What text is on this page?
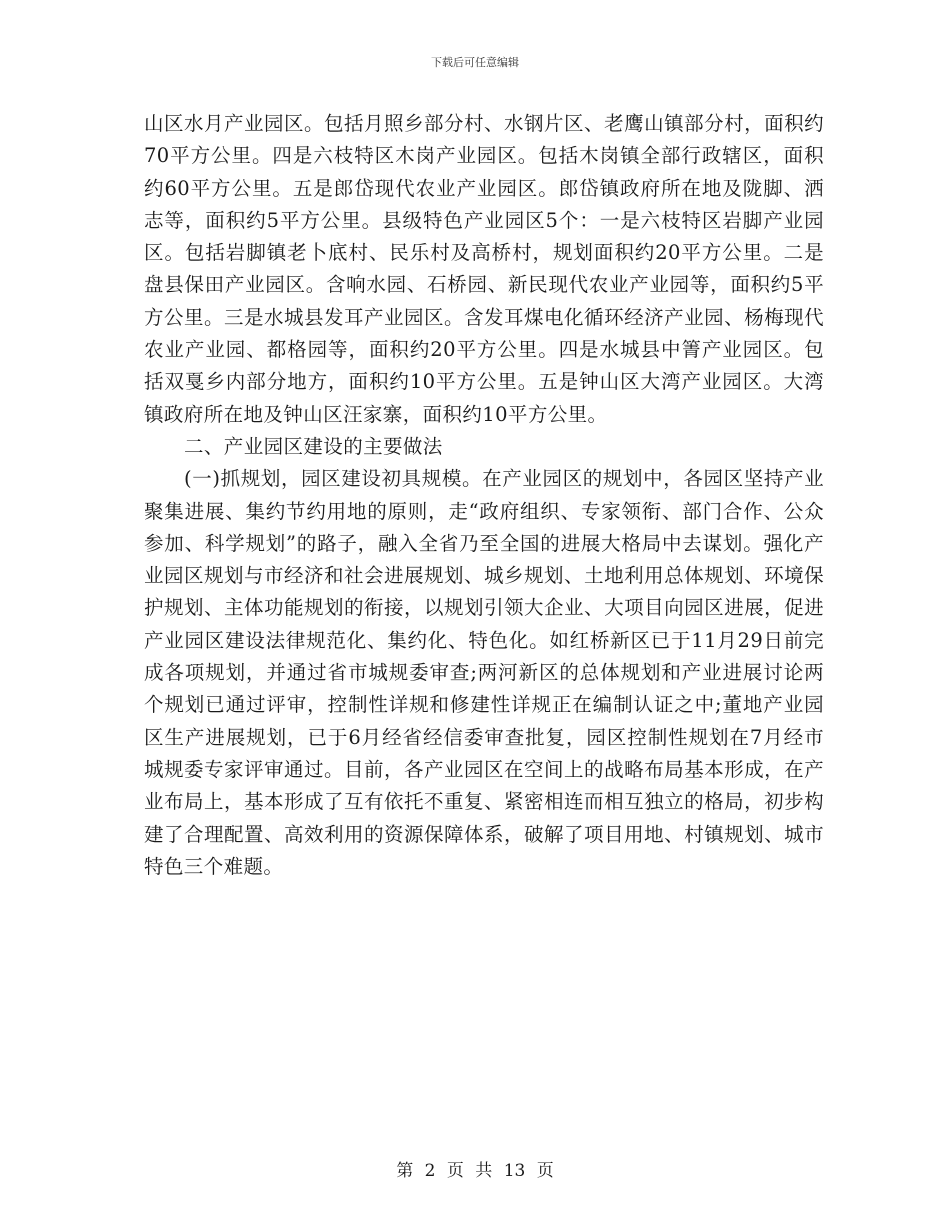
下载后可任意编辑

山区水月产业园区。包括月照乡部分村、水钢片区、老鹰山镇部分村，面积约70平方公里。四是六枝特区木岗产业园区。包括木岗镇全部行政辖区，面积约60平方公里。五是郎岱现代农业产业园区。郎岱镇政府所在地及陇脚、洒志等，面积约5平方公里。县级特色产业园区5个：一是六枝特区岩脚产业园区。包括岩脚镇老卜底村、民乐村及高桥村，规划面积约20平方公里。二是盘县保田产业园区。含响水园、石桥园、新民现代农业产业园等，面积约5平方公里。三是水城县发耳产业园区。含发耳煤电化循环经济产业园、杨梅现代农业产业园、都格园等，面积约20平方公里。四是水城县中箐产业园区。包括双戛乡内部分地方，面积约10平方公里。五是钟山区大湾产业园区。大湾镇政府所在地及钟山区汪家寨，面积约10平方公里。

二、产业园区建设的主要做法

(一)抓规划，园区建设初具规模。在产业园区的规划中，各园区坚持产业聚集进展、集约节约用地的原则，走“政府组织、专家领衔、部门合作、公众参加、科学规划”的路子，融入全省乃至全国的进展大格局中去谋划。强化产业园区规划与市经济和社会进展规划、城乡规划、土地利用总体规划、环境保护规划、主体功能规划的衔接，以规划引领大企业、大项目向园区进展，促进产业园区建设法律规范化、集约化、特色化。如红桥新区已于11月29日前完成各项规划，并通过省市城规委审查;两河新区的总体规划和产业进展讨论两个规划已通过评审，控制性详规和修建性详规正在编制认证之中;董地产业园区生产进展规划，已于6月经省经信委审查批复，园区控制性规划在7月经市城规委专家评审通过。目前，各产业园区在空间上的战略布局基本形成，在产业布局上，基本形成了互有依托不重复、紧密相连而相互独立的格局，初步构建了合理配置、高效利用的资源保障体系，破解了项目用地、村镇规划、城市特色三个难题。

第 2 页 共 13 页
